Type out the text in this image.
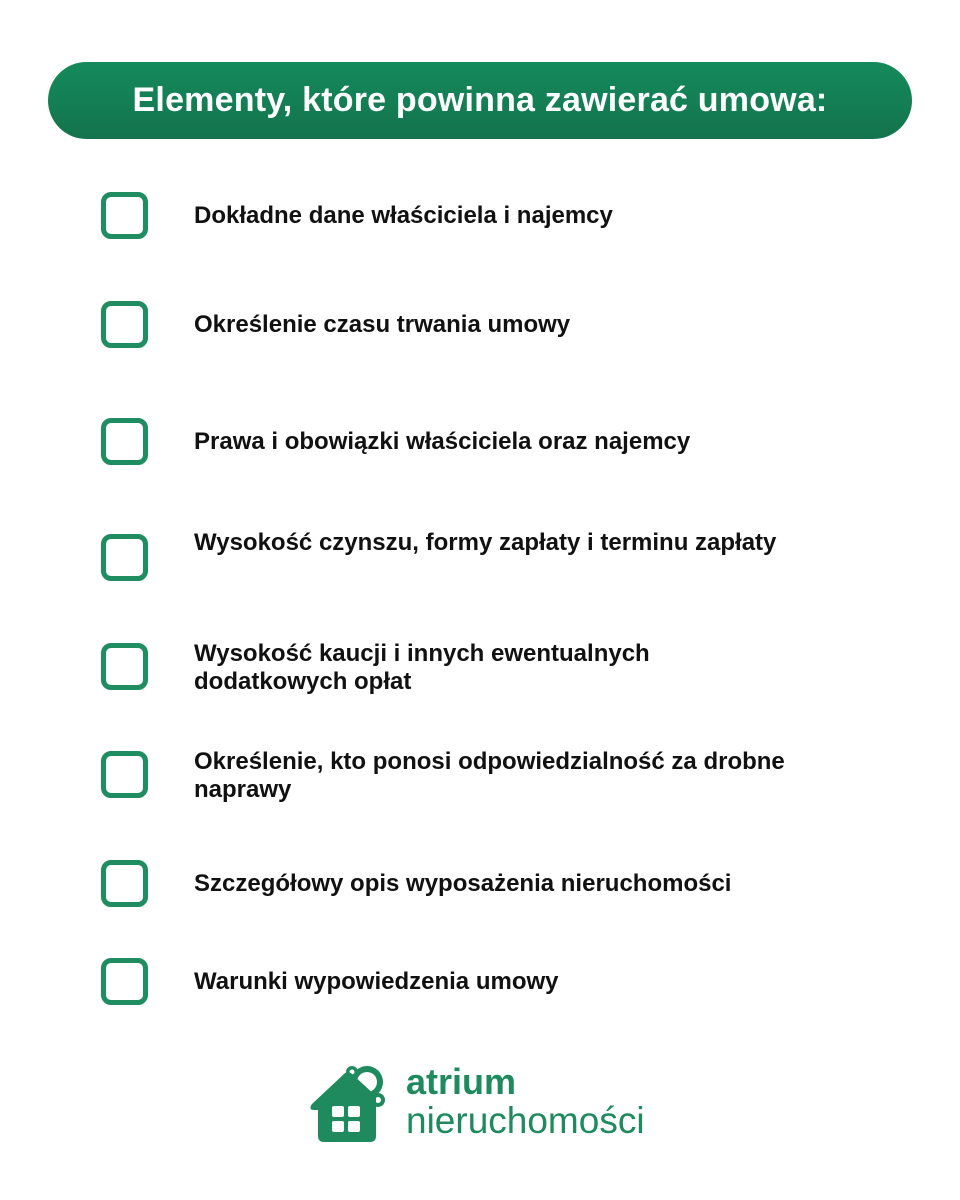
Elementy, które powinna zawierać umowa:
Dokładne dane właściciela i najemcy
Określenie czasu trwania umowy
Prawa i obowiązki właściciela oraz najemcy
Wysokość czynszu, formy zapłaty i terminu zapłaty
Wysokość kaucji i innych ewentualnych dodatkowych opłat
Określenie, kto ponosi odpowiedzialność za drobne naprawy
Szczegółowy opis wyposażenia nieruchomości
Warunki wypowiedzenia umowy
atrium
nieruchomości
